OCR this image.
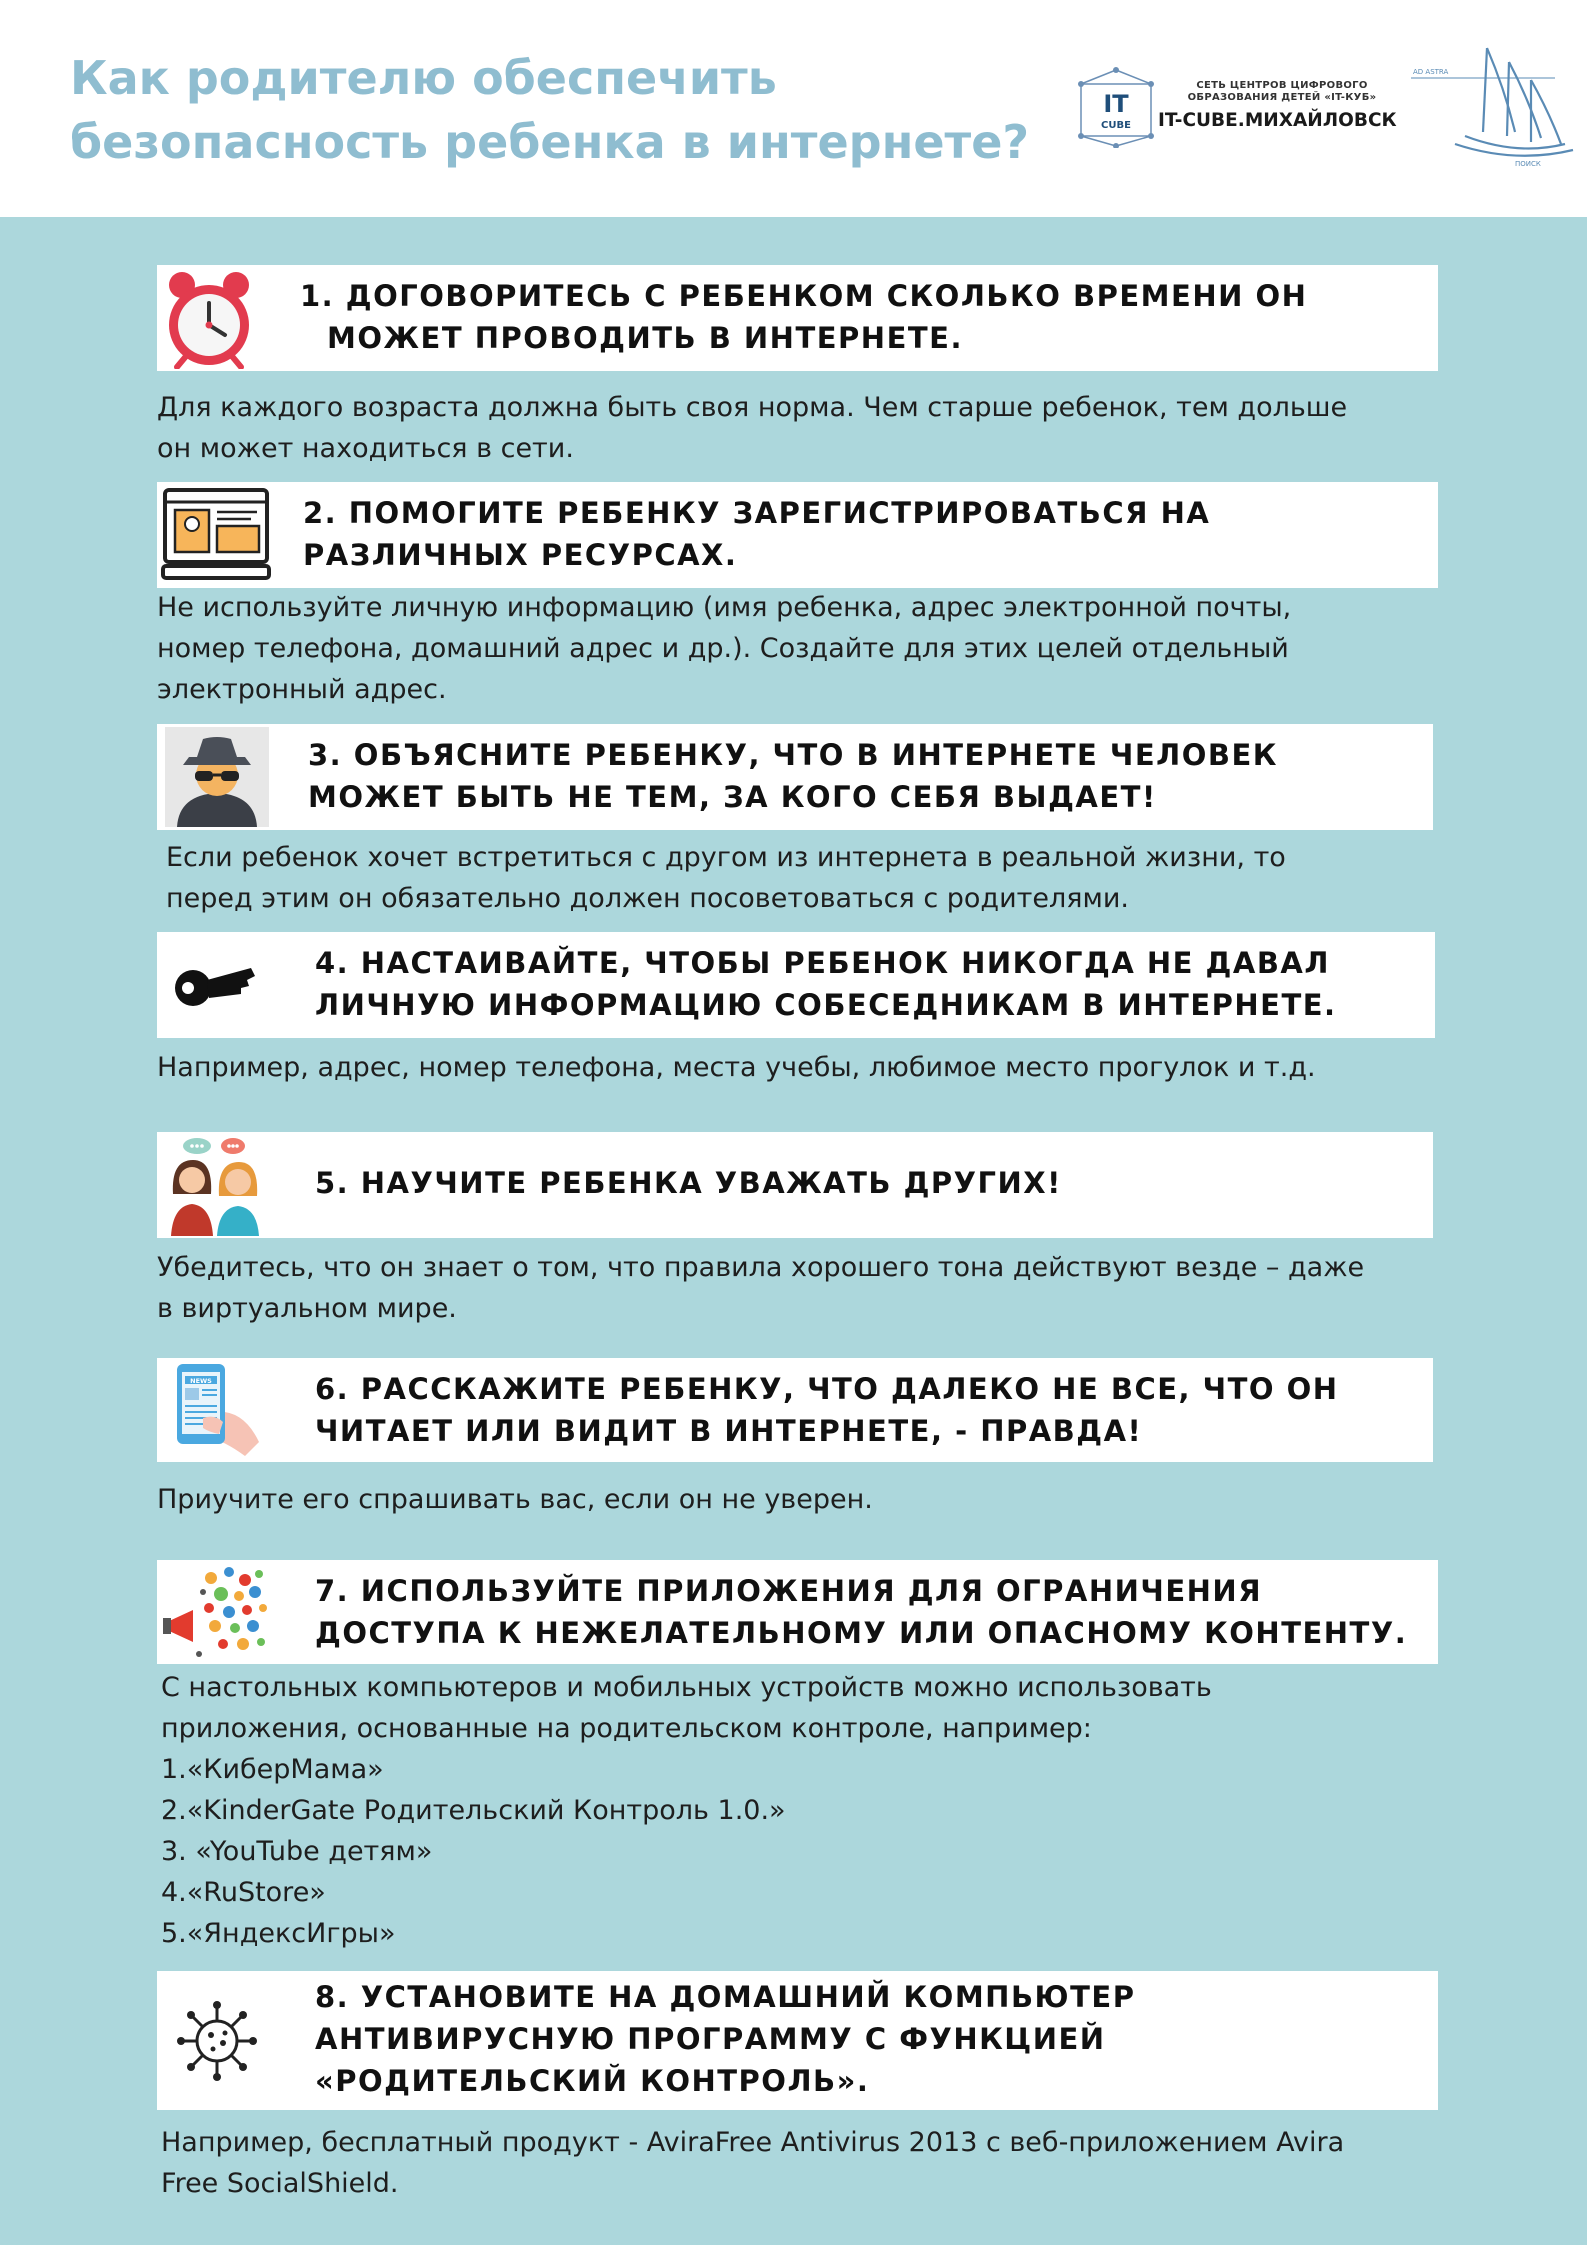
Как родителю обеспечить
безопасность ребенка в интернете?
IT
CUBE
СЕТЬ ЦЕНТРОВ ЦИФРОВОГО
ОБРАЗОВАНИЯ ДЕТЕЙ «IT-КУБ»
IT-CUBE.МИХАЙЛОВСК
AD ASTRA
ПОИСК
1. ДОГОВОРИТЕСЬ С РЕБЕНКОМ СКОЛЬКО ВРЕМЕНИ ОН
МОЖЕТ ПРОВОДИТЬ В ИНТЕРНЕТЕ.

Для каждого возраста должна быть своя норма. Чем старше ребенок, тем дольше
он может находиться в сети.

2. ПОМОГИТЕ РЕБЕНКУ ЗАРЕГИСТРИРОВАТЬСЯ НА
РАЗЛИЧНЫХ РЕСУРСАХ.

Не используйте личную информацию (имя ребенка, адрес электронной почты,
номер телефона, домашний адрес и др.). Создайте для этих целей отдельный
электронный адрес.

3. ОБЪЯСНИТЕ РЕБЕНКУ, ЧТО В ИНТЕРНЕТЕ ЧЕЛОВЕК
МОЖЕТ БЫТЬ НЕ ТЕМ, ЗА КОГО СЕБЯ ВЫДАЕТ!

Если ребенок хочет встретиться с другом из интернета в реальной жизни, то
перед этим он обязательно должен посоветоваться с родителями.

4. НАСТАИВАЙТЕ, ЧТОБЫ РЕБЕНОК НИКОГДА НЕ ДАВАЛ
ЛИЧНУЮ ИНФОРМАЦИЮ СОБЕСЕДНИКАМ В ИНТЕРНЕТЕ.

Например, адрес, номер телефона, места учебы, любимое место прогулок и т.д.

5. НАУЧИТЕ РЕБЕНКА УВАЖАТЬ ДРУГИХ!

Убедитесь, что он знает о том, что правила хорошего тона действуют везде – даже
в виртуальном мире.

NEWS	6. РАССКАЖИТЕ РЕБЕНКУ, ЧТО ДАЛЕКО НЕ ВСЕ, ЧТО ОН
ЧИТАЕТ ИЛИ ВИДИТ В ИНТЕРНЕТЕ, - ПРАВДА!

Приучите его спрашивать вас, если он не уверен.

7. ИСПОЛЬЗУЙТЕ ПРИЛОЖЕНИЯ ДЛЯ ОГРАНИЧЕНИЯ
ДОСТУПА К НЕЖЕЛАТЕЛЬНОМУ ИЛИ ОПАСНОМУ КОНТЕНТУ.

С настольных компьютеров и мобильных устройств можно использовать
приложения, основанные на родительском контроле, например:
1.«КиберМама»
2.«KinderGate Родительский Контроль 1.0.»
3. «YouTube детям»
4.«RuStore»
5.«ЯндексИгры»

8. УСТАНОВИТЕ НА ДОМАШНИЙ КОМПЬЮТЕР
АНТИВИРУСНУЮ ПРОГРАММУ С ФУНКЦИЕЙ
«РОДИТЕЛЬСКИЙ КОНТРОЛЬ».

Например, бесплатный продукт - AviraFree Antivirus 2013 с веб-приложением Avira
Free SocialShield.
